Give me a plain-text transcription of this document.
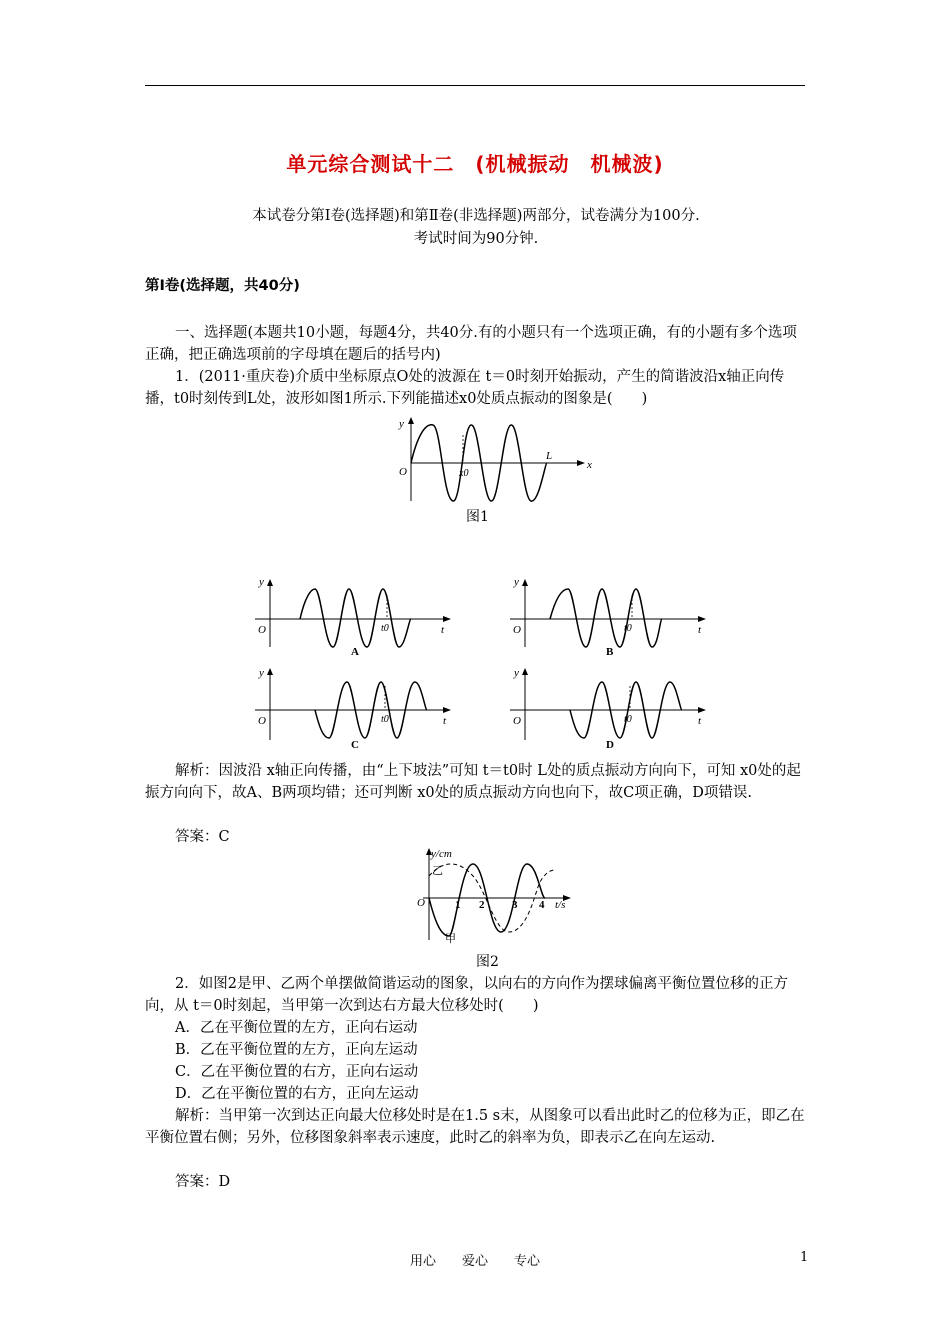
单元综合测试十二　(机械振动　机械波)
本试卷分第Ⅰ卷(选择题)和第Ⅱ卷(非选择题)两部分，试卷满分为100分.
考试时间为90分钟.
第Ⅰ卷(选择题，共40分)
一、选择题(本题共10小题，每题4分，共40分.有的小题只有一个选项正确，有的小题有多个选项正确，把正确选项前的字母填在题后的括号内)
1．(2011·重庆卷)介质中坐标原点O处的波源在 t＝0时刻开始振动，产生的简谐波沿x轴正向传播，t0时刻传到L处，波形如图1所示.下列能描述x0处质点振动的图象是(　　)
y
x
O	x0
L
图1
y
t
O	t0
A
y
t
O	t0
B
y
t
O	t0
C
y
t
O	t0
D
解析：因波沿 x轴正向传播，由“上下坡法”可知 t＝t0时 L处的质点振动方向向下，可知 x0处的起振方向向下，故A、B两项均错；还可判断 x0处的质点振动方向也向下，故C项正确，D项错误.
答案：C
y/cm
t/s
O	1 2	3 4
乙
甲
图2
2．如图2是甲、乙两个单摆做简谐运动的图象，以向右的方向作为摆球偏离平衡位置位移的正方向，从 t＝0时刻起，当甲第一次到达右方最大位移处时(　　)
A．乙在平衡位置的左方，正向右运动
B．乙在平衡位置的左方，正向左运动
C．乙在平衡位置的右方，正向右运动
D．乙在平衡位置的右方，正向左运动
解析：当甲第一次到达正向最大位移处时是在1.5 s末，从图象可以看出此时乙的位移为正，即乙在平衡位置右侧；另外，位移图象斜率表示速度，此时乙的斜率为负，即表示乙在向左运动.
答案：D
用心　　爱心　　专心	1
